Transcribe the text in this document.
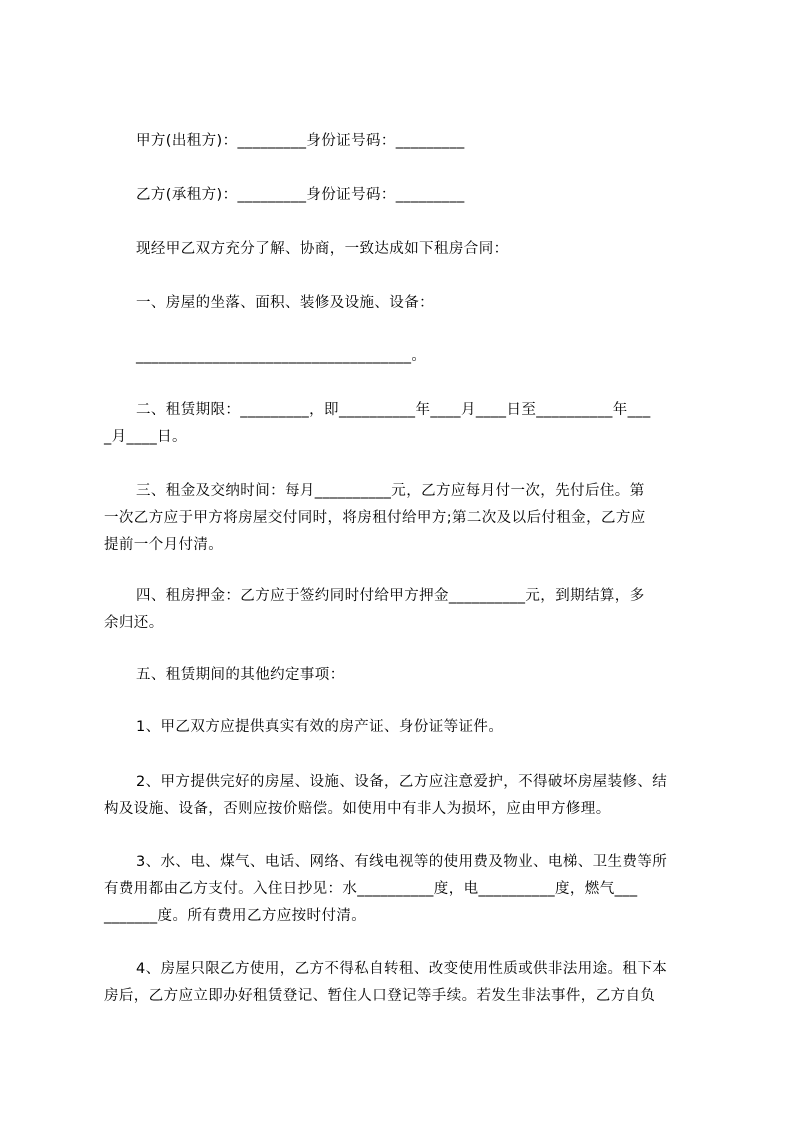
甲方(出租方)：_________身份证号码：_________

乙方(承租方)：_________身份证号码：_________

现经甲乙双方充分了解、协商，一致达成如下租房合同：

一、房屋的坐落、面积、装修及设施、设备：

____________________________________。

二、租赁期限：_________，即__________年____月____日至__________年___

_月____日。

三、租金及交纳时间：每月__________元，乙方应每月付一次，先付后住。第

一次乙方应于甲方将房屋交付同时，将房租付给甲方;第二次及以后付租金，乙方应

提前一个月付清。

四、租房押金：乙方应于签约同时付给甲方押金__________元，到期结算，多

余归还。

五、租赁期间的其他约定事项：

1、甲乙双方应提供真实有效的房产证、身份证等证件。

2、甲方提供完好的房屋、设施、设备，乙方应注意爱护，不得破坏房屋装修、结

构及设施、设备，否则应按价赔偿。如使用中有非人为损坏，应由甲方修理。

3、水、电、煤气、电话、网络、有线电视等的使用费及物业、电梯、卫生费等所

有费用都由乙方支付。入住日抄见：水__________度，电__________度，燃气___

_______度。所有费用乙方应按时付清。

4、房屋只限乙方使用，乙方不得私自转租、改变使用性质或供非法用途。租下本

房后，乙方应立即办好租赁登记、暂住人口登记等手续。若发生非法事件，乙方自负
